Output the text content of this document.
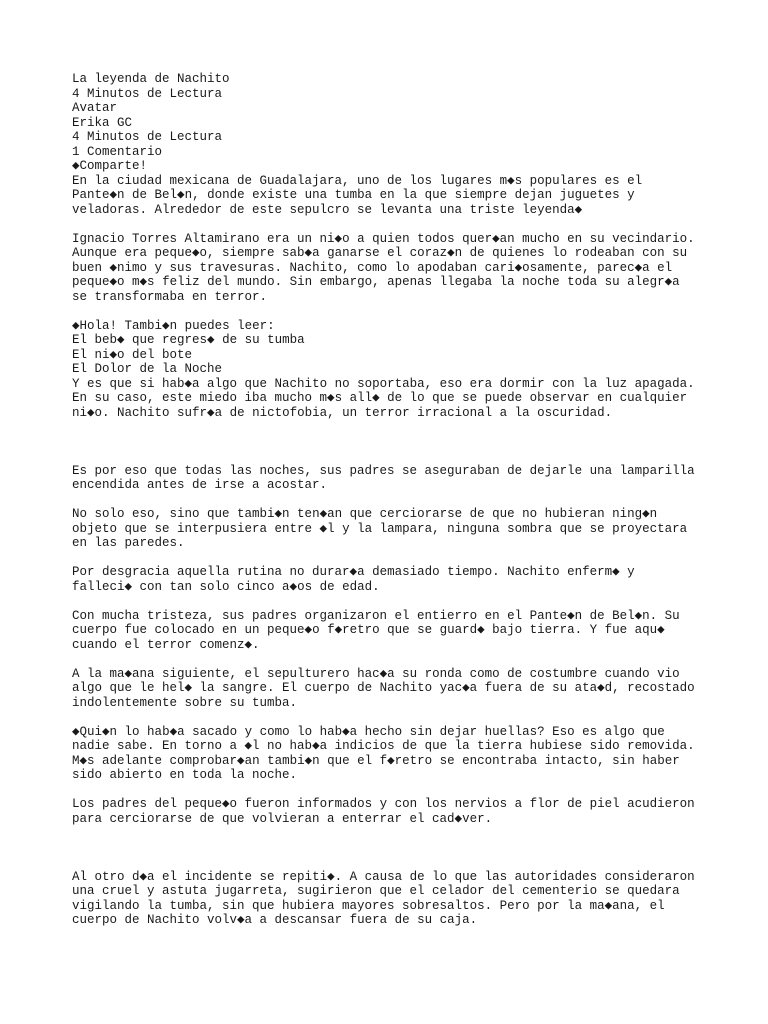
La leyenda de Nachito
4 Minutos de Lectura
Avatar
Erika GC
4 Minutos de Lectura
1 Comentario
◆Comparte!
En la ciudad mexicana de Guadalajara, uno de los lugares m◆s populares es el
Pante◆n de Bel◆n, donde existe una tumba en la que siempre dejan juguetes y
veladoras. Alrededor de este sepulcro se levanta una triste leyenda◆
Ignacio Torres Altamirano era un ni◆o a quien todos quer◆an mucho en su vecindario.
Aunque era peque◆o, siempre sab◆a ganarse el coraz◆n de quienes lo rodeaban con su
buen ◆nimo y sus travesuras. Nachito, como lo apodaban cari◆osamente, parec◆a el
peque◆o m◆s feliz del mundo. Sin embargo, apenas llegaba la noche toda su alegr◆a
se transformaba en terror.
◆Hola! Tambi◆n puedes leer:
El beb◆ que regres◆ de su tumba
El ni◆o del bote
El Dolor de la Noche
Y es que si hab◆a algo que Nachito no soportaba, eso era dormir con la luz apagada.
En su caso, este miedo iba mucho m◆s all◆ de lo que se puede observar en cualquier
ni◆o. Nachito sufr◆a de nictofobia, un terror irracional a la oscuridad.
Es por eso que todas las noches, sus padres se aseguraban de dejarle una lamparilla
encendida antes de irse a acostar.
No solo eso, sino que tambi◆n ten◆an que cerciorarse de que no hubieran ning◆n
objeto que se interpusiera entre ◆l y la lampara, ninguna sombra que se proyectara
en las paredes.
Por desgracia aquella rutina no durar◆a demasiado tiempo. Nachito enferm◆ y
falleci◆ con tan solo cinco a◆os de edad.
Con mucha tristeza, sus padres organizaron el entierro en el Pante◆n de Bel◆n. Su
cuerpo fue colocado en un peque◆o f◆retro que se guard◆ bajo tierra. Y fue aqu◆
cuando el terror comenz◆.
A la ma◆ana siguiente, el sepulturero hac◆a su ronda como de costumbre cuando vio
algo que le hel◆ la sangre. El cuerpo de Nachito yac◆a fuera de su ata◆d, recostado
indolentemente sobre su tumba.
◆Qui◆n lo hab◆a sacado y como lo hab◆a hecho sin dejar huellas? Eso es algo que
nadie sabe. En torno a ◆l no hab◆a indicios de que la tierra hubiese sido removida.
M◆s adelante comprobar◆an tambi◆n que el f◆retro se encontraba intacto, sin haber
sido abierto en toda la noche.
Los padres del peque◆o fueron informados y con los nervios a flor de piel acudieron
para cerciorarse de que volvieran a enterrar el cad◆ver.
Al otro d◆a el incidente se repiti◆. A causa de lo que las autoridades consideraron
una cruel y astuta jugarreta, sugirieron que el celador del cementerio se quedara
vigilando la tumba, sin que hubiera mayores sobresaltos. Pero por la ma◆ana, el
cuerpo de Nachito volv◆a a descansar fuera de su caja.
